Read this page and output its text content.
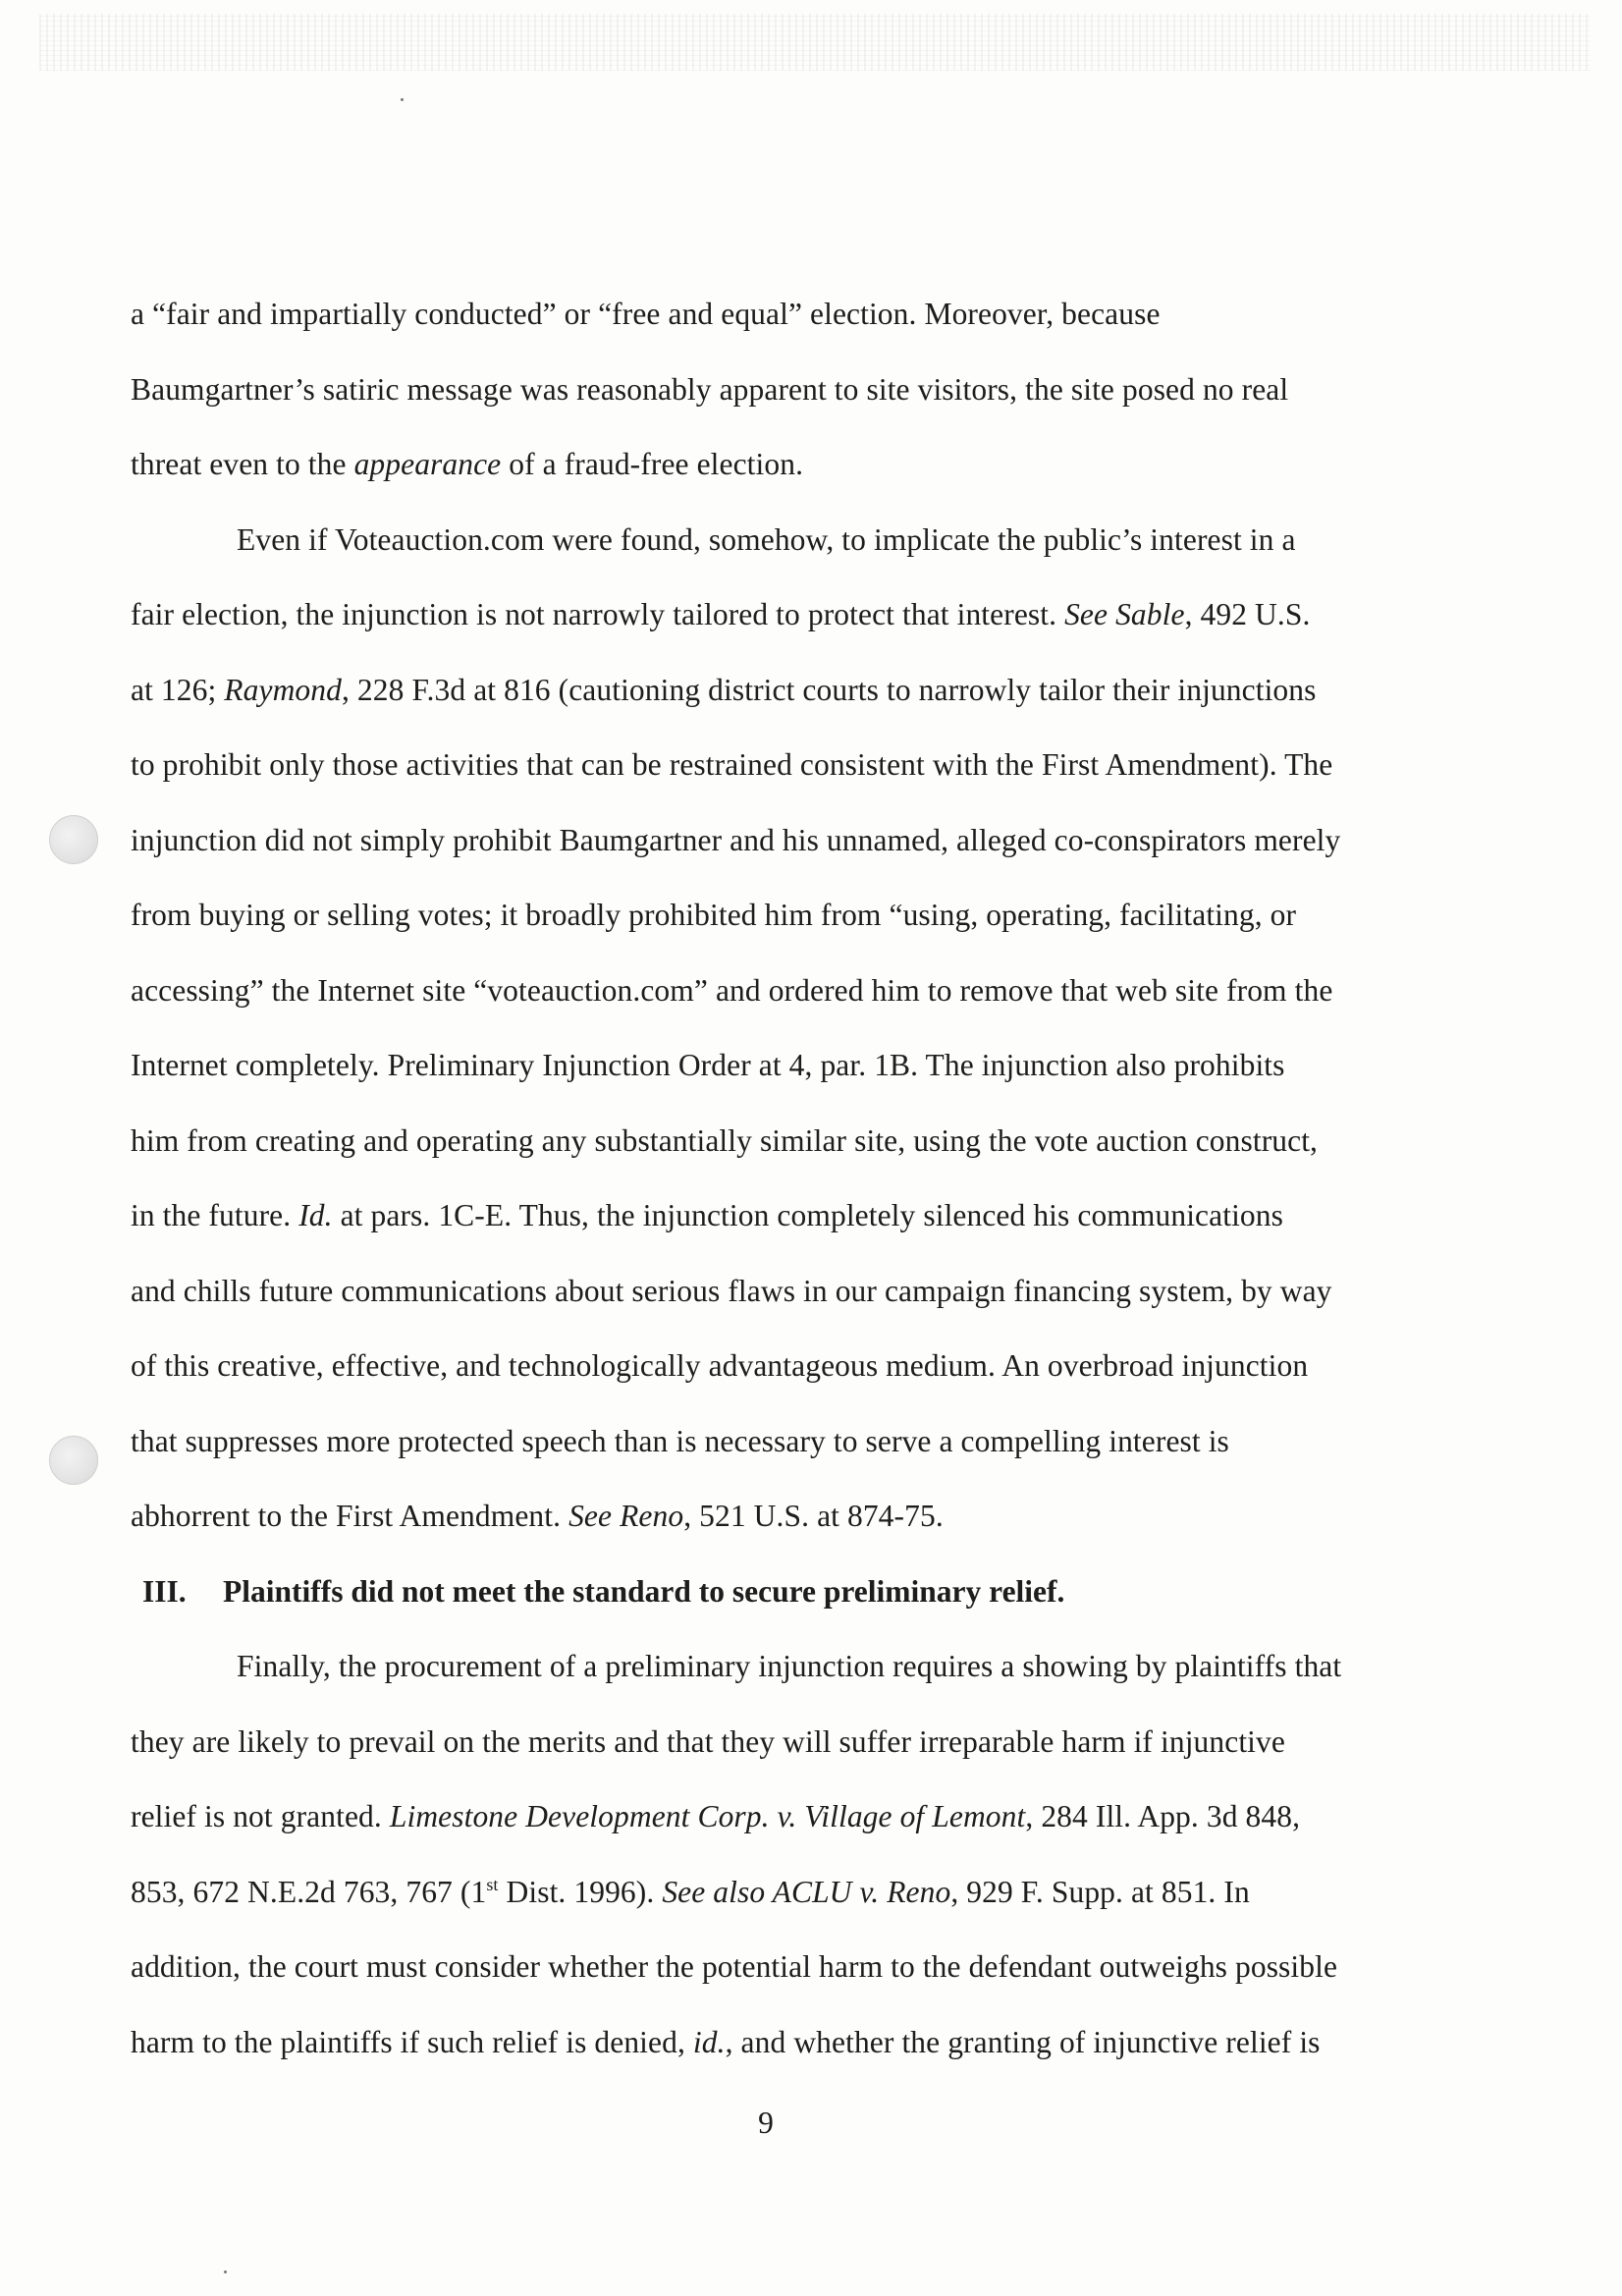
a “fair and impartially conducted” or “free and equal” election. Moreover, because
Baumgartner’s satiric message was reasonably apparent to site visitors, the site posed no real
threat even to the appearance of a fraud-free election.
Even if Voteauction.com were found, somehow, to implicate the public’s interest in a
fair election, the injunction is not narrowly tailored to protect that interest. See Sable, 492 U.S.
at 126; Raymond, 228 F.3d at 816 (cautioning district courts to narrowly tailor their injunctions
to prohibit only those activities that can be restrained consistent with the First Amendment). The
injunction did not simply prohibit Baumgartner and his unnamed, alleged co-conspirators merely
from buying or selling votes; it broadly prohibited him from “using, operating, facilitating, or
accessing” the Internet site “voteauction.com” and ordered him to remove that web site from the
Internet completely. Preliminary Injunction Order at 4, par. 1B. The injunction also prohibits
him from creating and operating any substantially similar site, using the vote auction construct,
in the future. Id. at pars. 1C-E. Thus, the injunction completely silenced his communications
and chills future communications about serious flaws in our campaign financing system, by way
of this creative, effective, and technologically advantageous medium. An overbroad injunction
that suppresses more protected speech than is necessary to serve a compelling interest is
abhorrent to the First Amendment. See Reno, 521 U.S. at 874-75.
III. Plaintiffs did not meet the standard to secure preliminary relief.
Finally, the procurement of a preliminary injunction requires a showing by plaintiffs that
they are likely to prevail on the merits and that they will suffer irreparable harm if injunctive
relief is not granted. Limestone Development Corp. v. Village of Lemont, 284 Ill. App. 3d 848,
853, 672 N.E.2d 763, 767 (1st Dist. 1996). See also ACLU v. Reno, 929 F. Supp. at 851. In
addition, the court must consider whether the potential harm to the defendant outweighs possible
harm to the plaintiffs if such relief is denied, id., and whether the granting of injunctive relief is
9
